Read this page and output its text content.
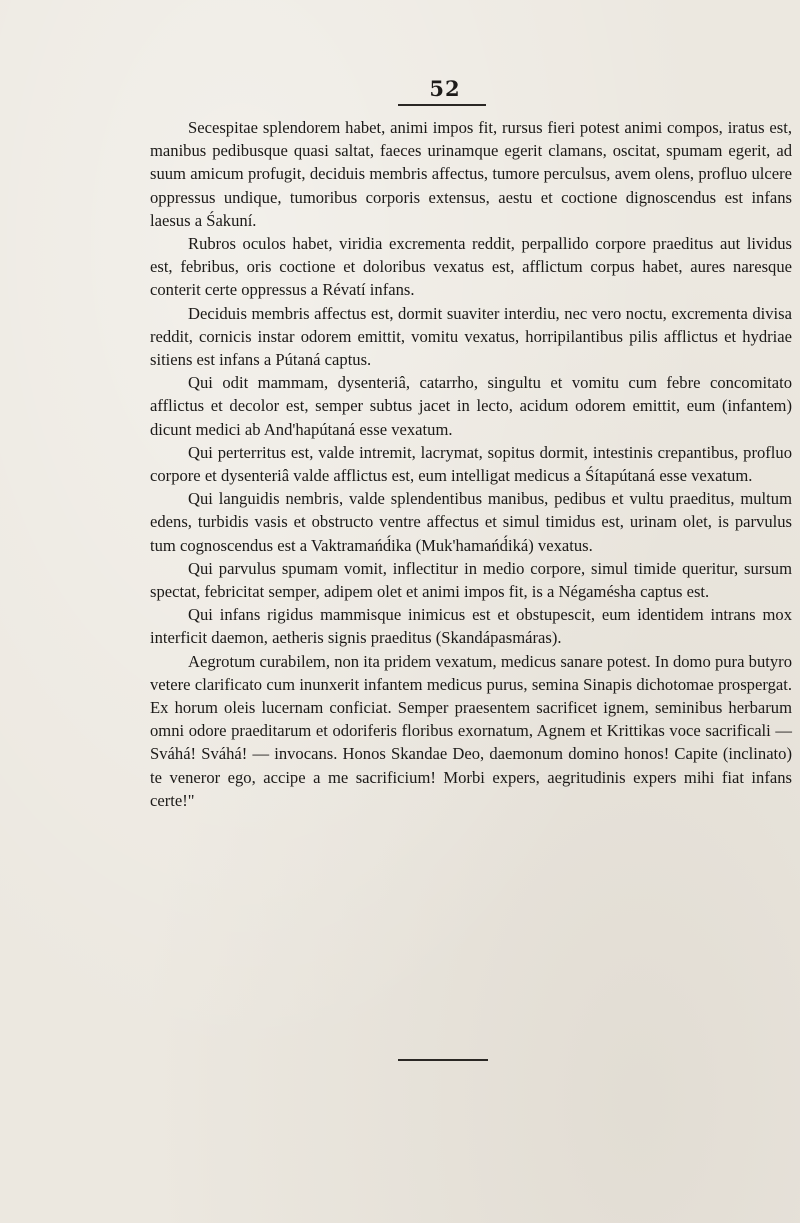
52

Secespitae splendorem habet, animi impos fit, rursus fieri potest animi compos, iratus est, manibus pedibusque quasi saltat, faeces urinamque egerit clamans, oscitat, spumam egerit, ad suum amicum profugit, deciduis membris affectus, tumore perculsus, avem olens, profluo ulcere oppressus undique, tumoribus corporis extensus, aestu et coctione dignoscendus est infans laesus a Śakuní.

Rubros oculos habet, viridia excrementa reddit, perpallido corpore praeditus aut lividus est, febribus, oris coctione et doloribus vexatus est, afflictum corpus habet, aures naresque conterit certe oppressus a Révatí infans.

Deciduis membris affectus est, dormit suaviter interdiu, nec vero noctu, excrementa divisa reddit, cornicis instar odorem emittit, vomitu vexatus, horripilantibus pilis afflictus et hydriae sitiens est infans a Pútaná captus.

Qui odit mammam, dysenteriâ, catarrho, singultu et vomitu cum febre concomitato afflictus et decolor est, semper subtus jacet in lecto, acidum odorem emittit, eum (infantem) dicunt medici ab And'hapútaná esse vexatum.

Qui perterritus est, valde intremit, lacrymat, sopitus dormit, intestinis crepantibus, profluo corpore et dysenteriâ valde afflictus est, eum intelligat medicus a Śítapútaná esse vexatum.

Qui languidis nembris, valde splendentibus manibus, pedibus et vultu praeditus, multum edens, turbidis vasis et obstructo ventre affectus et simul timidus est, urinam olet, is parvulus tum cognoscendus est a Vaktramańd́ika (Muk'hamańd́iká) vexatus.

Qui parvulus spumam vomit, inflectitur in medio corpore, simul timide queritur, sursum spectat, febricitat semper, adipem olet et animi impos fit, is a Négamésha captus est.

Qui infans rigidus mammisque inimicus est et obstupescit, eum identidem intrans mox interficit daemon, aetheris signis praeditus (Skandápasmáras).

Aegrotum curabilem, non ita pridem vexatum, medicus sanare potest. In domo pura butyro vetere clarificato cum inunxerit infantem medicus purus, semina Sinapis dichotomae prospergat. Ex horum oleis lucernam conficiat. Semper praesentem sacrificet ignem, seminibus herbarum omni odore praeditarum et odoriferis floribus exornatum, Agnem et Krittikas voce sacrificali — Sváhá! Sváhá! — invocans. Honos Skandae Deo, daemonum domino honos! Capite (inclinato) te veneror ego, accipe a me sacrificium! Morbi expers, aegritudinis expers mihi fiat infans certe!"
